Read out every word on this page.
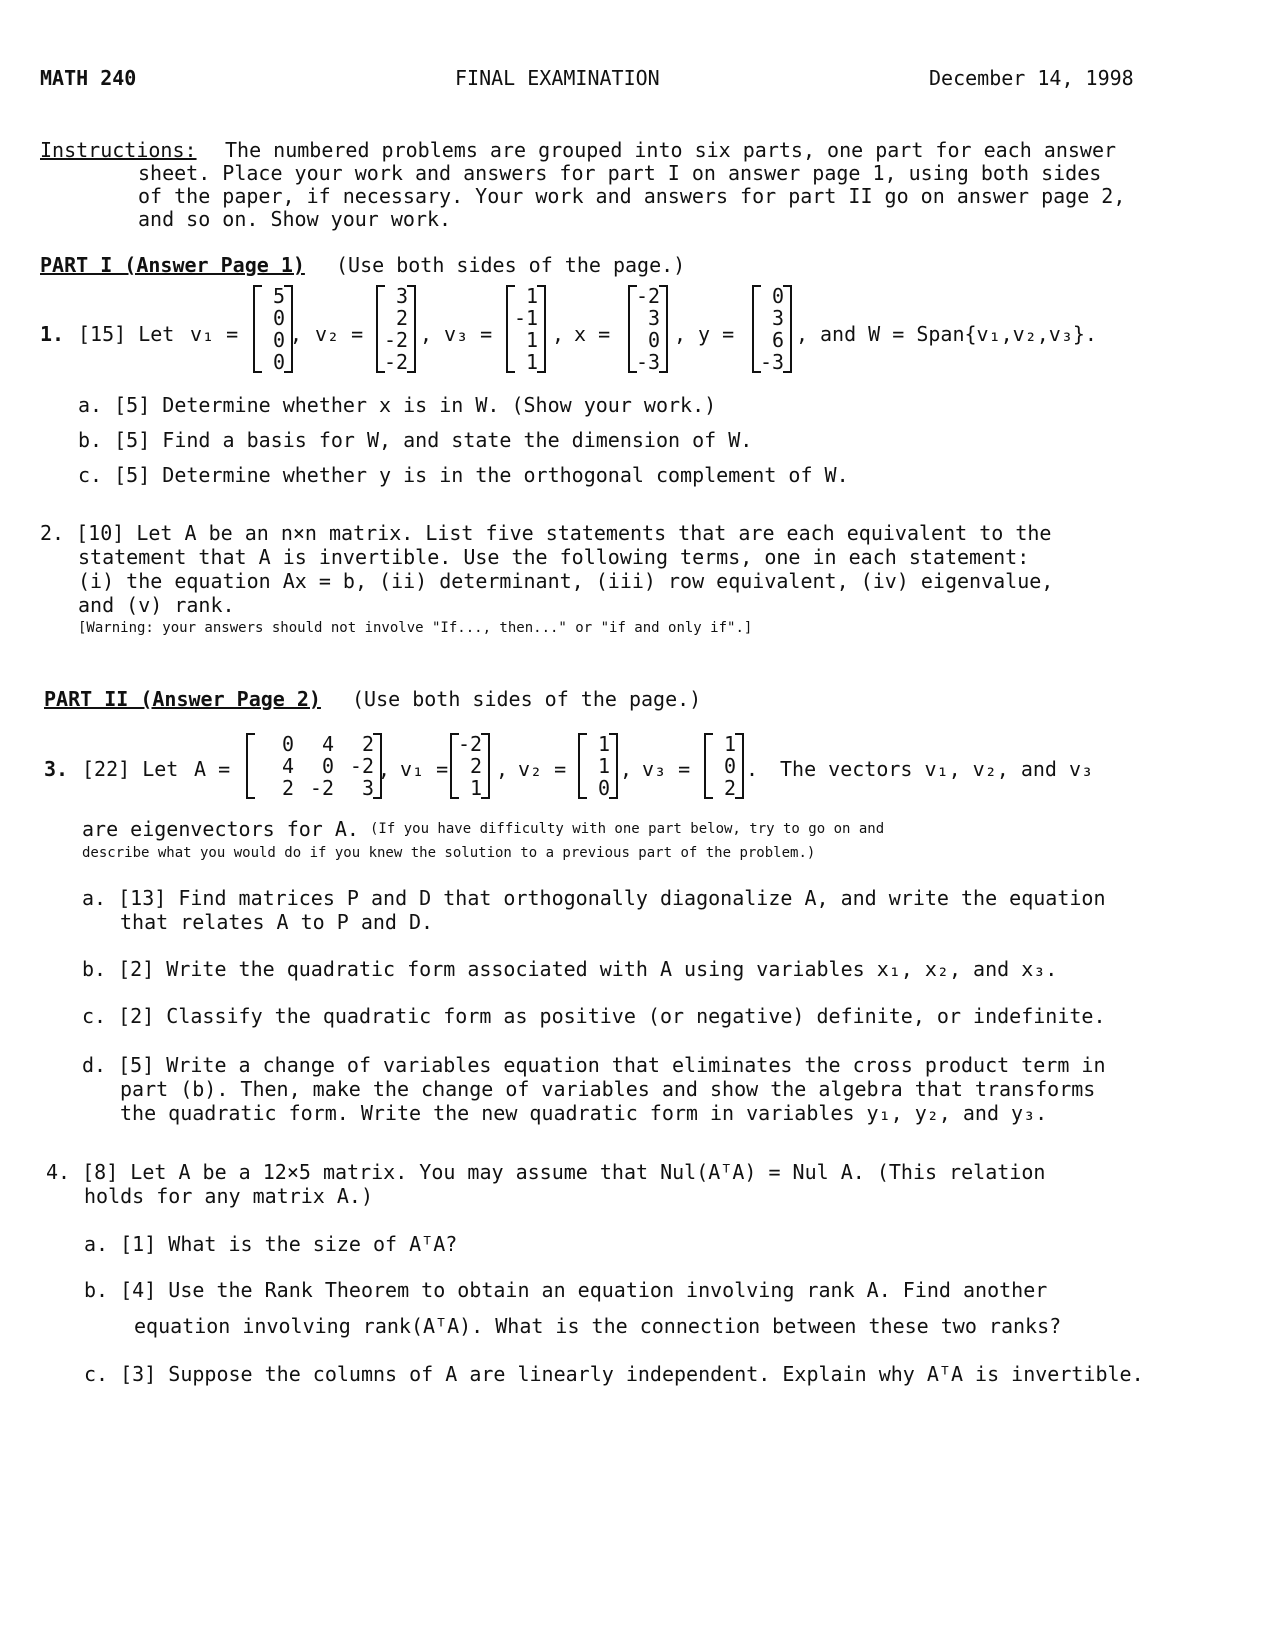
MATH 240	FINAL EXAMINATION	December 14, 1998
Instructions: The numbered problems are grouped into six parts, one part for each answer
sheet. Place your work and answers for part I on answer page 1, using both sides
of the paper, if necessary. Your work and answers for part II go on answer page 2,
and so on. Show your work.
PART I (Answer Page 1) (Use both sides of the page.)
1. [15] Let v₁ =
5
0
0
0
, v₂ =
3
2
-2
-2
, v₃ =
1
-1
1
1
, x =
-2
3
0
-3
, y =
0
3
6
-3
, and W = Span{v₁,v₂,v₃}.
a. [5] Determine whether x is in W. (Show your work.)
b. [5] Find a basis for W, and state the dimension of W.
c. [5] Determine whether y is in the orthogonal complement of W.
2. [10] Let A be an n×n matrix. List five statements that are each equivalent to the
statement that A is invertible. Use the following terms, one in each statement:
(i) the equation Ax = b, (ii) determinant, (iii) row equivalent, (iv) eigenvalue,
and (v) rank.
[Warning: your answers should not involve "If..., then..." or "if and only if".]
PART II (Answer Page 2) (Use both sides of the page.)
3. [22] Let A =
0	4	2
4	0 -2
2 -2	3
, v₁ =
-2
2
1
, v₂ =
1
1
0
, v₃ =
1
0
2
. The vectors v₁, v₂, and v₃
are eigenvectors for A. (If you have difficulty with one part below, try to go on and
describe what you would do if you knew the solution to a previous part of the problem.)
a. [13] Find matrices P and D that orthogonally diagonalize A, and write the equation
that relates A to P and D.
b. [2] Write the quadratic form associated with A using variables x₁, x₂, and x₃.
c. [2] Classify the quadratic form as positive (or negative) definite, or indefinite.
d. [5] Write a change of variables equation that eliminates the cross product term in
part (b). Then, make the change of variables and show the algebra that transforms
the quadratic form. Write the new quadratic form in variables y₁, y₂, and y₃.
4. [8] Let A be a 12×5 matrix. You may assume that Nul(AᵀA) = Nul A. (This relation
holds for any matrix A.)
a. [1] What is the size of AᵀA?
b. [4] Use the Rank Theorem to obtain an equation involving rank A. Find another
equation involving rank(AᵀA). What is the connection between these two ranks?
c. [3] Suppose the columns of A are linearly independent. Explain why AᵀA is invertible.
